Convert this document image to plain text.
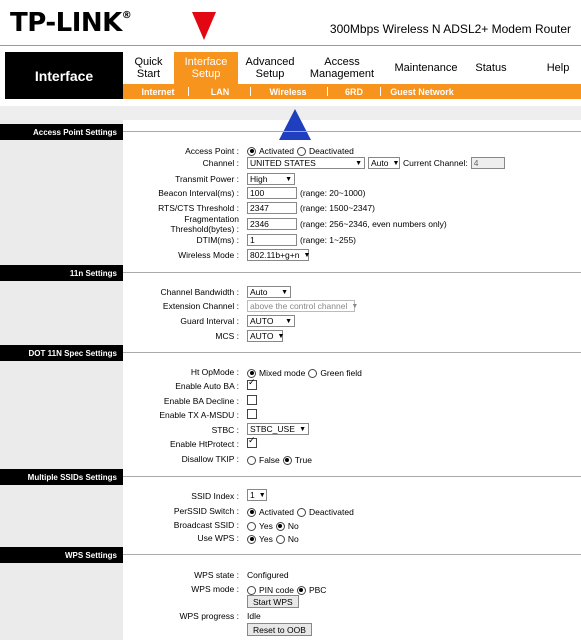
TP-LINK®
300Mbps Wireless N ADSL2+ Modem Router
Interface
Quick Start
Interface Setup
Advanced Setup
Access Management	Maintenance	Status	Help
Internet	LAN	Wireless	6RD	Guest Network
Access Point Settings
Access Point : Activated Deactivated
Channel : UNITED STATES	▼ Auto ▼ Current Channel: 4
Transmit Power : High	▼
Beacon Interval(ms) :	100	(range: 20~1000)
RTS/CTS Threshold :	2347	(range: 1500~2347)
Fragmentation
Threshold(bytes) :	2346	(range: 256~2346, even numbers only)
DTIM(ms) :	1	(range: 1~255)
Wireless Mode : 802.11b+g+n ▼
11n Settings
Channel Bandwidth : Auto ▼
Extension Channel : above the control channel ▼
Guard Interval : AUTO ▼
MCS : AUTO ▼
DOT 11N Spec Settings
Ht OpMode : Mixed mode Green field
Enable Auto BA :
✓
Enable BA Decline :
Enable TX A-MSDU :
STBC : STBC_USE ▼
Enable HtProtect :
✓
Disallow TKIP : False True
Multiple SSIDs Settings
SSID Index : 1 ▼
PerSSID Switch : Activated Deactivated
Broadcast SSID : Yes No
Use WPS : Yes No
WPS Settings
WPS state : Configured
WPS mode : PIN code PBC
Start WPS
WPS progress : Idle
Reset to OOB
